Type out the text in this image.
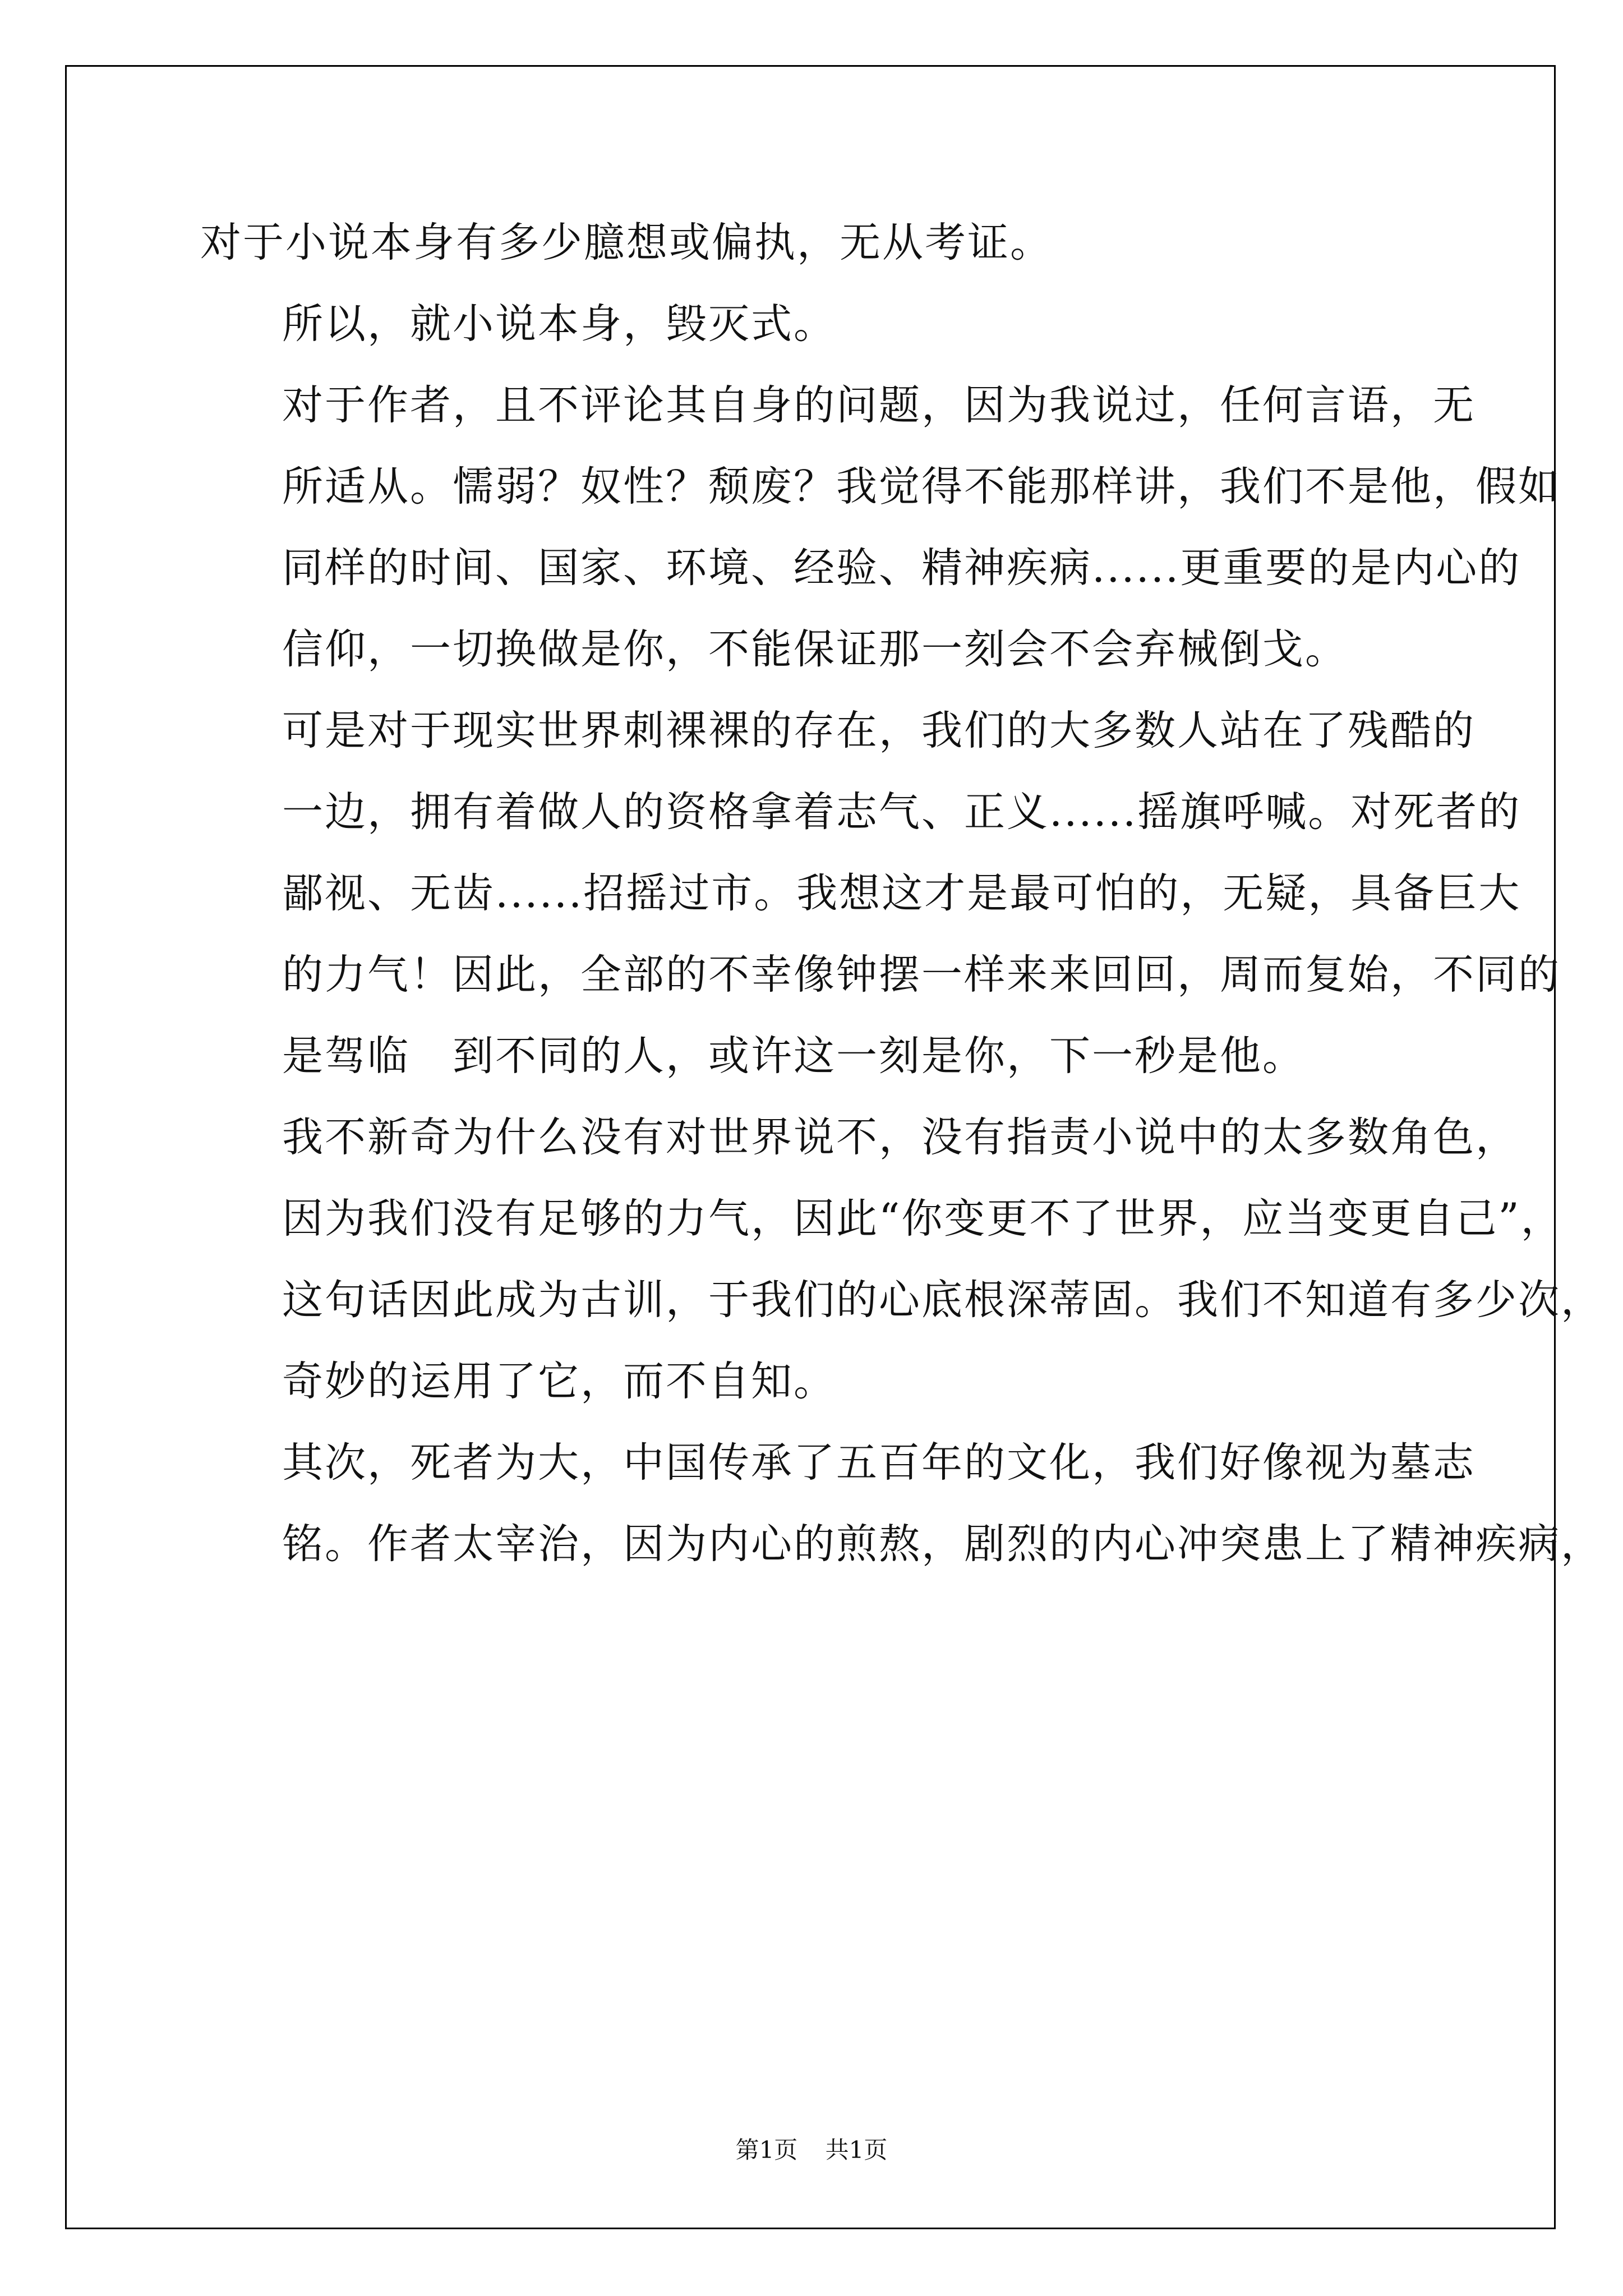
对于小说本身有多少臆想或偏执，无从考证。

所以，就小说本身，毁灭式。

对于作者，且不评论其自身的问题，因为我说过，任何言语，无
所适从。懦弱？奴性？颓废？我觉得不能那样讲，我们不是他，假如
同样的时间、国家、环境、经验、精神疾病......更重要的是内心的
信仰，一切换做是你，不能保证那一刻会不会弃械倒戈。

可是对于现实世界刺裸裸的存在，我们的大多数人站在了残酷的
一边，拥有着做人的资格拿着志气、正义......摇旗呼喊。对死者的
鄙视、无齿......招摇过市。我想这才是最可怕的，无疑，具备巨大
的力气！因此，全部的不幸像钟摆一样来来回回，周而复始，不同的
是驾临　到不同的人，或许这一刻是你，下一秒是他。

我不新奇为什么没有对世界说不，没有指责小说中的太多数角色，
因为我们没有足够的力气，因此“你变更不了世界，应当变更自己”，
这句话因此成为古训，于我们的心底根深蒂固。我们不知道有多少次，
奇妙的运用了它，而不自知。

其次，死者为大，中国传承了五百年的文化，我们好像视为墓志
铭。作者太宰治，因为内心的煎熬，剧烈的内心冲突患上了精神疾病，

第1页 共1页
